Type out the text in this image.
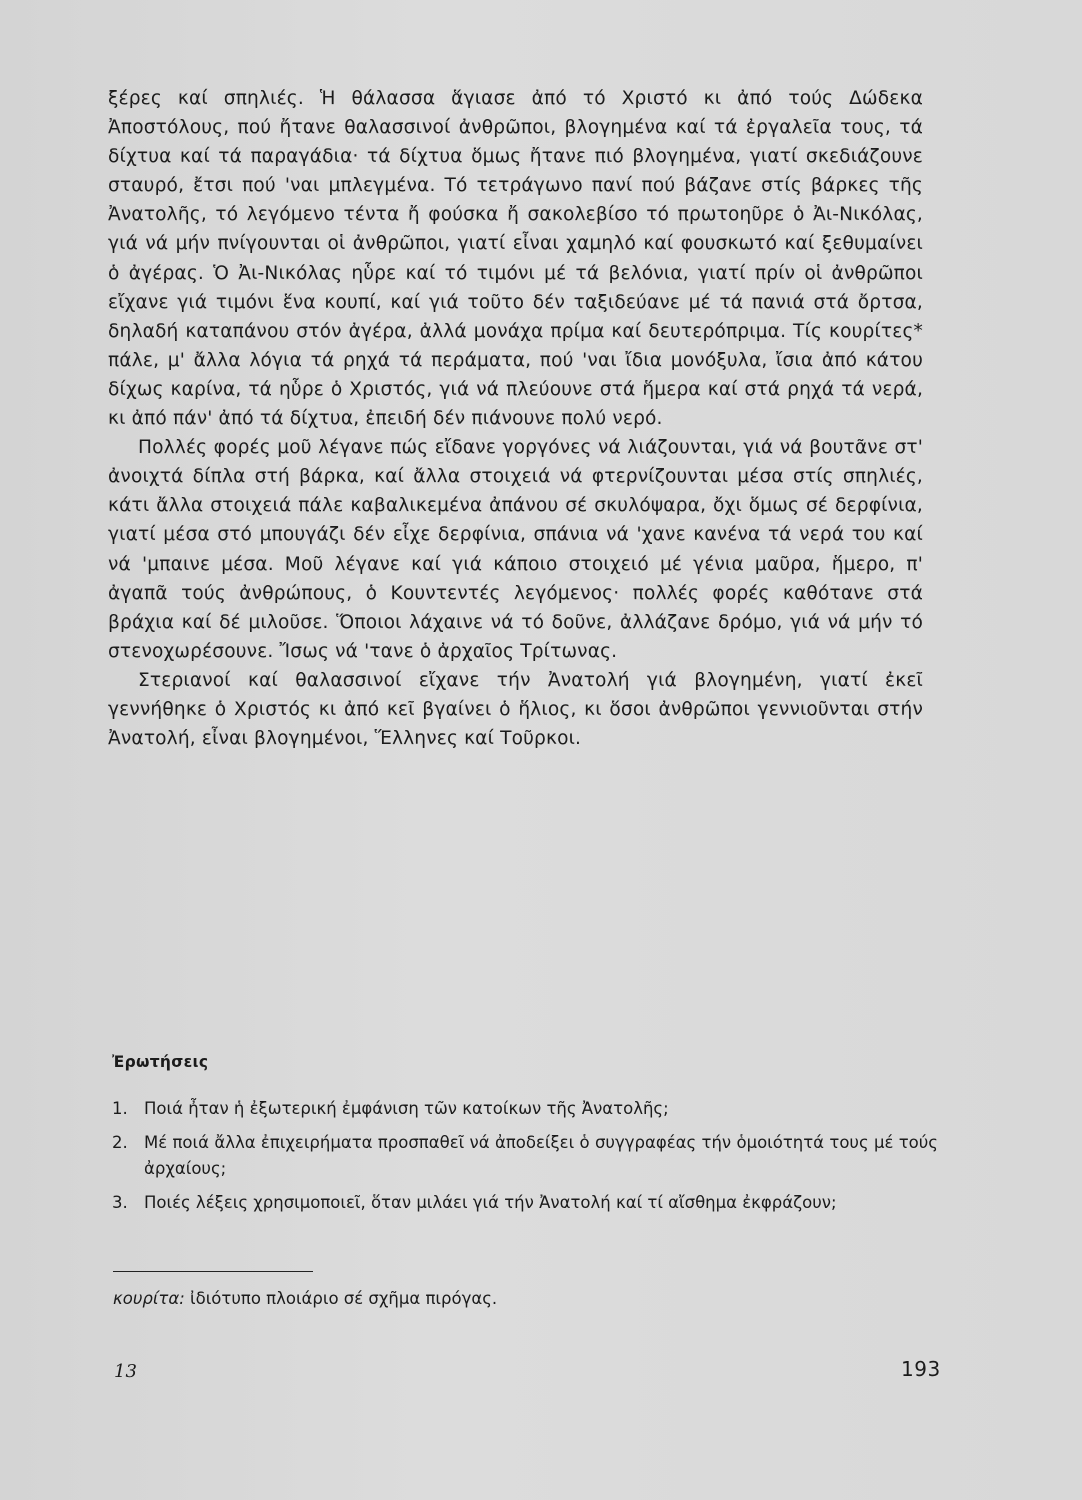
ξέρες καί σπηλιές. Ἡ θάλασσα ἅγιασε ἀπό τό Χριστό κι ἀπό τούς Δώδεκα Ἀποστόλους, πού ἤτανε θαλασσινοί ἀνθρῶποι, βλογημένα καί τά ἐργαλεῖα τους, τά δίχτυα καί τά παραγάδια· τά δίχτυα ὅμως ἤτανε πιό βλογημένα, γιατί σκεδιάζουνε σταυρό, ἔτσι πού 'ναι μπλεγμένα. Τό τετράγωνο πανί πού βάζανε στίς βάρκες τῆς Ἀνατολῆς, τό λεγόμενο τέντα ἤ φούσκα ἤ σακολεβίσο τό πρωτοηῦρε ὁ Ἀι-Νικόλας, γιά νά μήν πνίγουνται οἱ ἀνθρῶποι, γιατί εἶναι χαμηλό καί φουσκωτό καί ξεθυμαίνει ὁ ἀγέρας. Ὁ Ἀι-Νικόλας ηὗρε καί τό τιμόνι μέ τά βελόνια, γιατί πρίν οἱ ἀνθρῶποι εἴχανε γιά τιμόνι ἕνα κουπί, καί γιά τοῦτο δέν ταξιδεύανε μέ τά πανιά στά ὄρτσα, δηλαδή καταπάνου στόν ἀγέρα, ἀλλά μονάχα πρίμα καί δευτερόπριμα. Τίς κουρίτες* πάλε, μ' ἄλλα λόγια τά ρηχά τά περάματα, πού 'ναι ἴδια μονόξυλα, ἴσια ἀπό κάτου δίχως καρίνα, τά ηὗρε ὁ Χριστός, γιά νά πλεύουνε στά ἥμερα καί στά ρηχά τά νερά, κι ἀπό πάν' ἀπό τά δίχτυα, ἐπειδή δέν πιάνουνε πολύ νερό.

Πολλές φορές μοῦ λέγανε πώς εἴδανε γοργόνες νά λιάζουνται, γιά νά βουτᾶνε στ' ἀνοιχτά δίπλα στή βάρκα, καί ἄλλα στοιχειά νά φτερνίζουνται μέσα στίς σπηλιές, κάτι ἄλλα στοιχειά πάλε καβαλικεμένα ἀπάνου σέ σκυλόψαρα, ὄχι ὅμως σέ δερφίνια, γιατί μέσα στό μπουγάζι δέν εἶχε δερφίνια, σπάνια νά 'χανε κανένα τά νερά του καί νά 'μπαινε μέσα. Μοῦ λέγανε καί γιά κάποιο στοιχειό μέ γένια μαῦρα, ἥμερο, π' ἀγαπᾶ τούς ἀνθρώπους, ὁ Κουντεντές λεγόμενος· πολλές φορές καθότανε στά βράχια καί δέ μιλοῦσε. Ὅποιοι λάχαινε νά τό δοῦνε, ἀλλάζανε δρόμο, γιά νά μήν τό στενοχωρέσουνε. Ἴσως νά 'τανε ὁ ἀρχαῖος Τρίτωνας.

Στεριανοί καί θαλασσινοί εἴχανε τήν Ἀνατολή γιά βλογημένη, γιατί ἐκεῖ γεννήθηκε ὁ Χριστός κι ἀπό κεῖ βγαίνει ὁ ἥλιος, κι ὅσοι ἀνθρῶποι γεννιοῦνται στήν Ἀνατολή, εἶναι βλογημένοι, Ἕλληνες καί Τοῦρκοι.

Ἐρωτήσεις
1. Ποιά ἦταν ἡ ἐξωτερική ἐμφάνιση τῶν κατοίκων τῆς Ἀνατολῆς;
2. Μέ ποιά ἄλλα ἐπιχειρήματα προσπαθεῖ νά ἀποδείξει ὁ συγγραφέας τήν ὁμοιότητά τους μέ τούς ἀρχαίους;
3. Ποιές λέξεις χρησιμοποιεῖ, ὅταν μιλάει γιά τήν Ἀνατολή καί τί αἴσθημα ἐκφράζουν;
κουρίτα: ἰδιότυπο πλοιάριο σέ σχῆμα πιρόγας.
13	193
